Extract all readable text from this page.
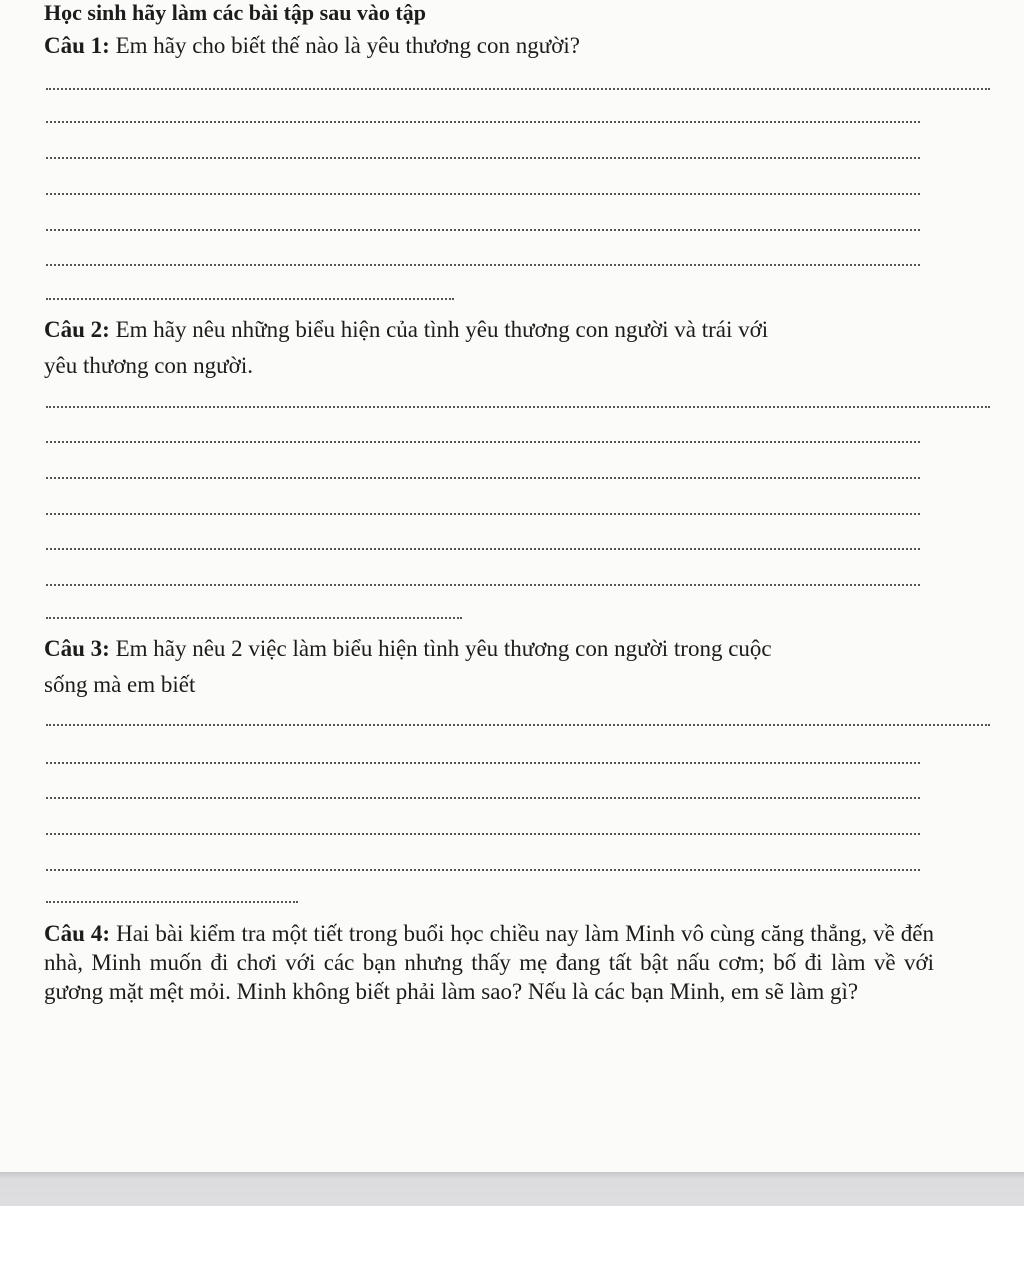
Học sinh hãy làm các bài tập sau vào tập
Câu 1: Em hãy cho biết thế nào là yêu thương con người?
Câu 2: Em hãy nêu những biểu hiện của tình yêu thương con người và trái với
yêu thương con người.
Câu 3: Em hãy nêu 2 việc làm biểu hiện tình yêu thương con người trong cuộc
sống mà em biết
Câu 4: Hai bài kiểm tra một tiết trong buổi học chiều nay làm Minh vô cùng căng thẳng, về đến nhà, Minh muốn đi chơi với các bạn nhưng thấy mẹ đang tất bật nấu cơm; bố đi làm về với gương mặt mệt mỏi. Minh không biết phải làm sao? Nếu là các bạn Minh, em sẽ làm gì?
